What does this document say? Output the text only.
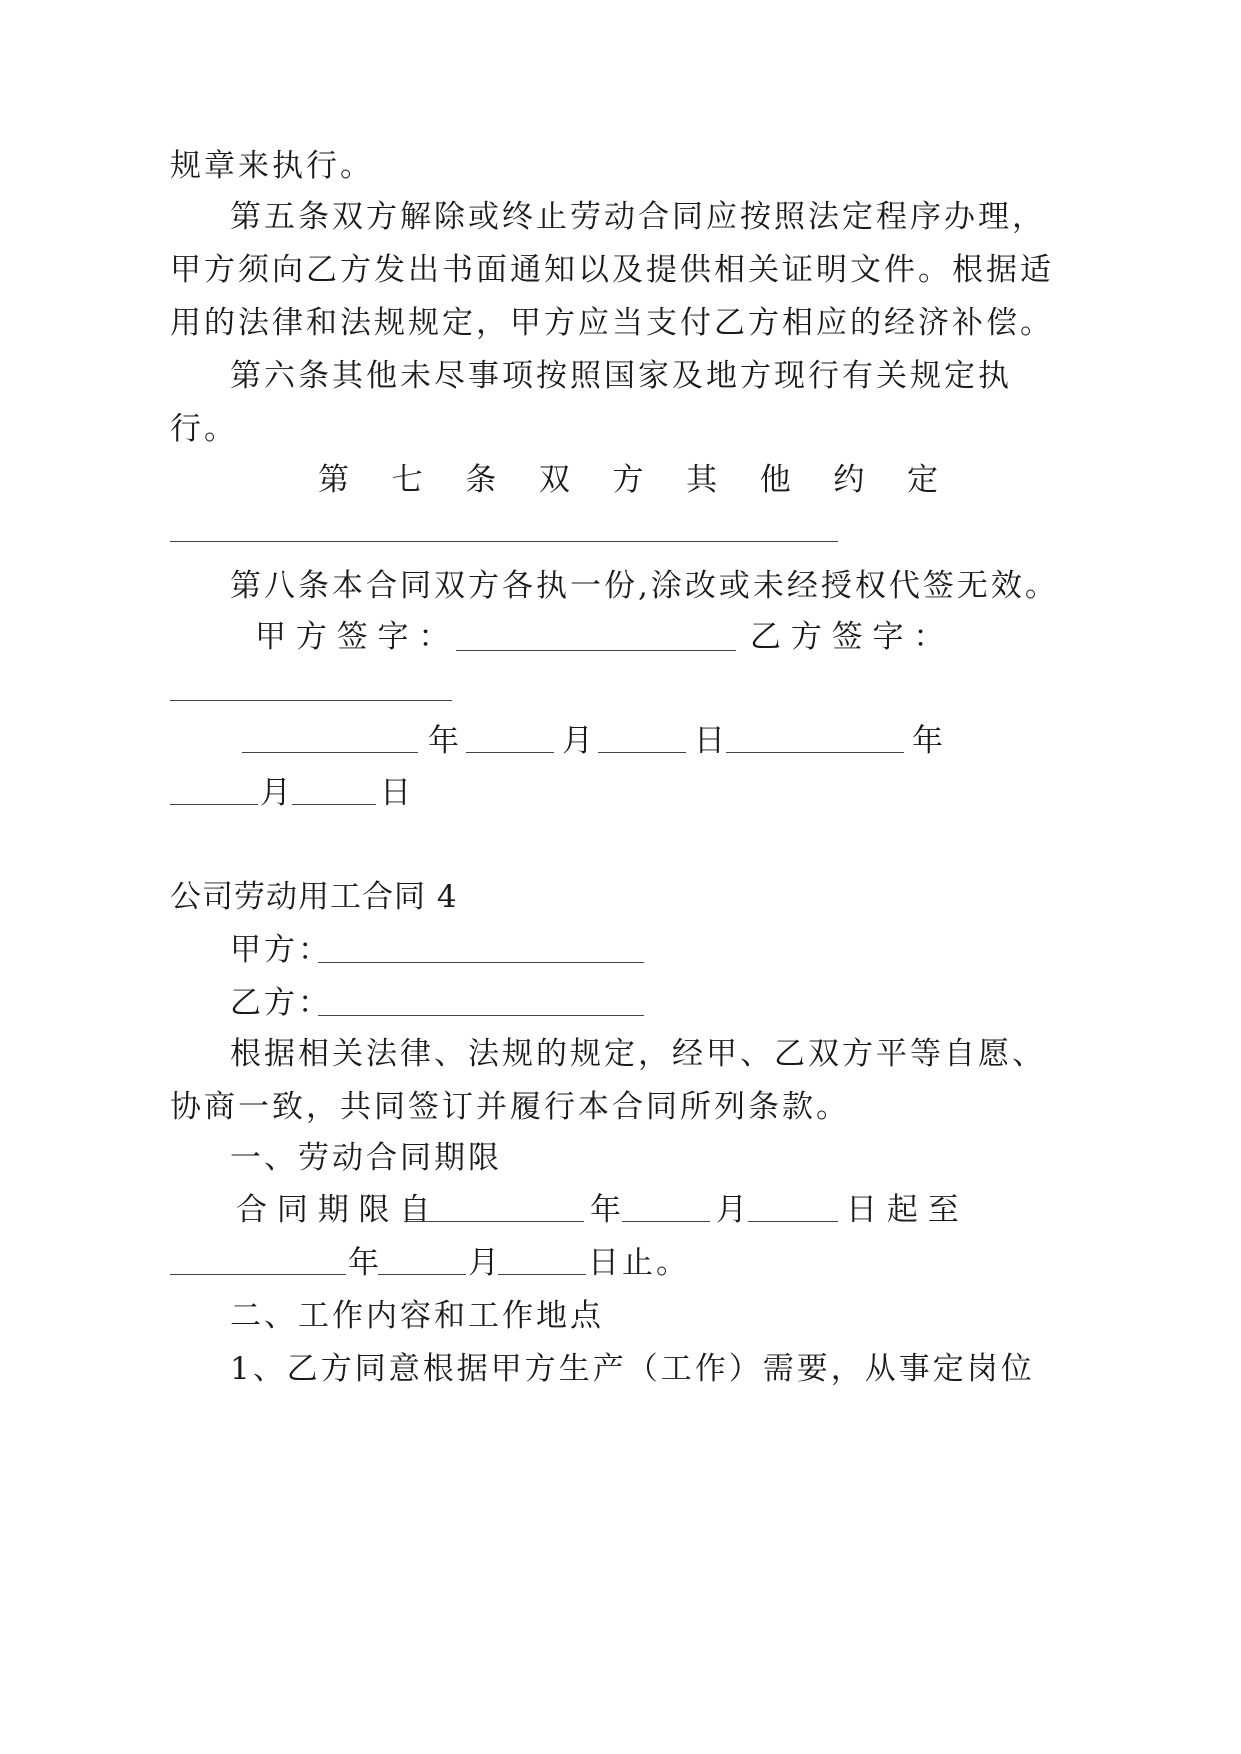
规章来执行。
第五条双方解除或终止劳动合同应按照法定程序办理，
甲方须向乙方发出书面通知以及提供相关证明文件。根据适
用的法律和法规规定，甲方应当支付乙方相应的经济补偿。
第六条其他未尽事项按照国家及地方现行有关规定执
行。
第 七 条 双 方 其 他 约 定
第八条本合同双方各执一份,涂改或未经授权代签无效。
甲 方 签 字 ：	乙 方 签 字 ：
年	月	日	年
月	日
公司劳动用工合同 4
甲方：
乙方：
根据相关法律、法规的规定，经甲、乙双方平等自愿、
协商一致，共同签订并履行本合同所列条款。
一、劳动合同期限
合 同 期 限 自	年	月	日 起 至
年	月	日止。
二、工作内容和工作地点
1、乙方同意根据甲方生产（工作）需要，从事定岗位
